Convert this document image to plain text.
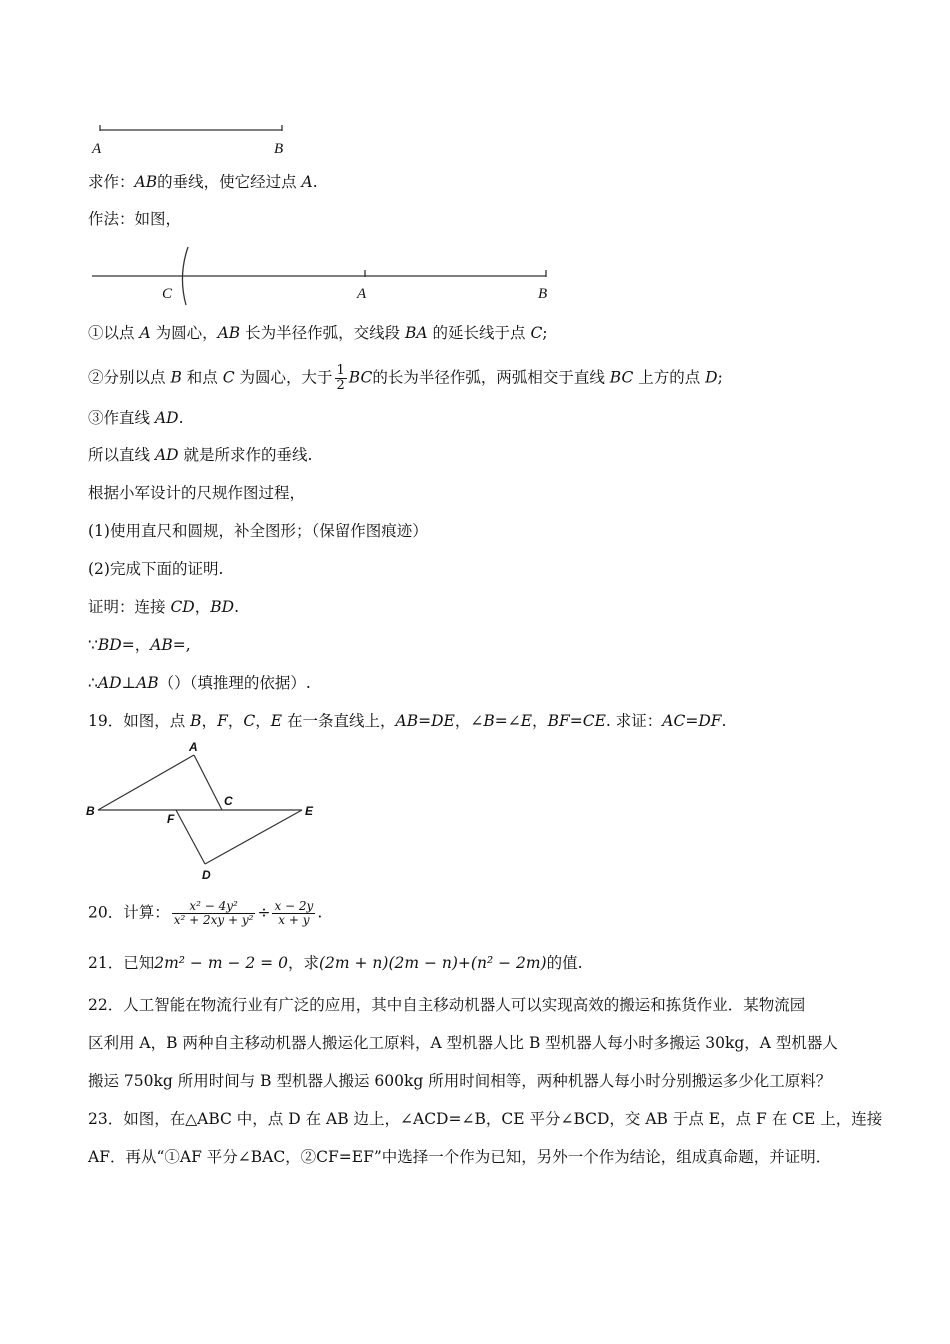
A	B
求作：AB的垂线，使它经过点 A.
作法：如图，
C	A	B
①以点 A 为圆心，AB 长为半径作弧，交线段 BA 的延长线于点 C;
②分别以点 B 和点 C 为圆心，大于 $\frac{1}{2}$ BC的长为半径作弧，两弧相交于直线 BC 上方的点 D;
③作直线 AD.
所以直线 AD 就是所求作的垂线.
根据小军设计的尺规作图过程，
(1)使用直尺和圆规，补全图形；（保留作图痕迹）
(2)完成下面的证明.
证明：连接 CD，BD.
∵BD=，AB=,
∴AD⊥AB（）（填推理的依据）.
19．如图，点 B，F，C，E 在一条直线上，AB=DE，∠B=∠E，BF=CE. 求证：AC=DF.
A
B
C
F
E
D
20．计算： $\frac{\text{x² − 4y²}}{\text{x² + 2xy + y²}} \div \frac{x - 2y}{x + y}$ .
21．已知2m² − m − 2 = 0，求(2m + n)(2m − n)+(n² − 2m)的值.
22．人工智能在物流行业有广泛的应用，其中自主移动机器人可以实现高效的搬运和拣货作业．某物流园
区利用 A，B 两种自主移动机器人搬运化工原料，A 型机器人比 B 型机器人每小时多搬运 30kg，A 型机器人
搬运 750kg 所用时间与 B 型机器人搬运 600kg 所用时间相等，两种机器人每小时分别搬运多少化工原料？
23．如图，在△ABC 中，点 D 在 AB 边上，∠ACD=∠B，CE 平分∠BCD，交 AB 于点 E，点 F 在 CE 上，连接
AF．再从“①AF 平分∠BAC，②CF=EF”中选择一个作为已知，另外一个作为结论，组成真命题，并证明．
